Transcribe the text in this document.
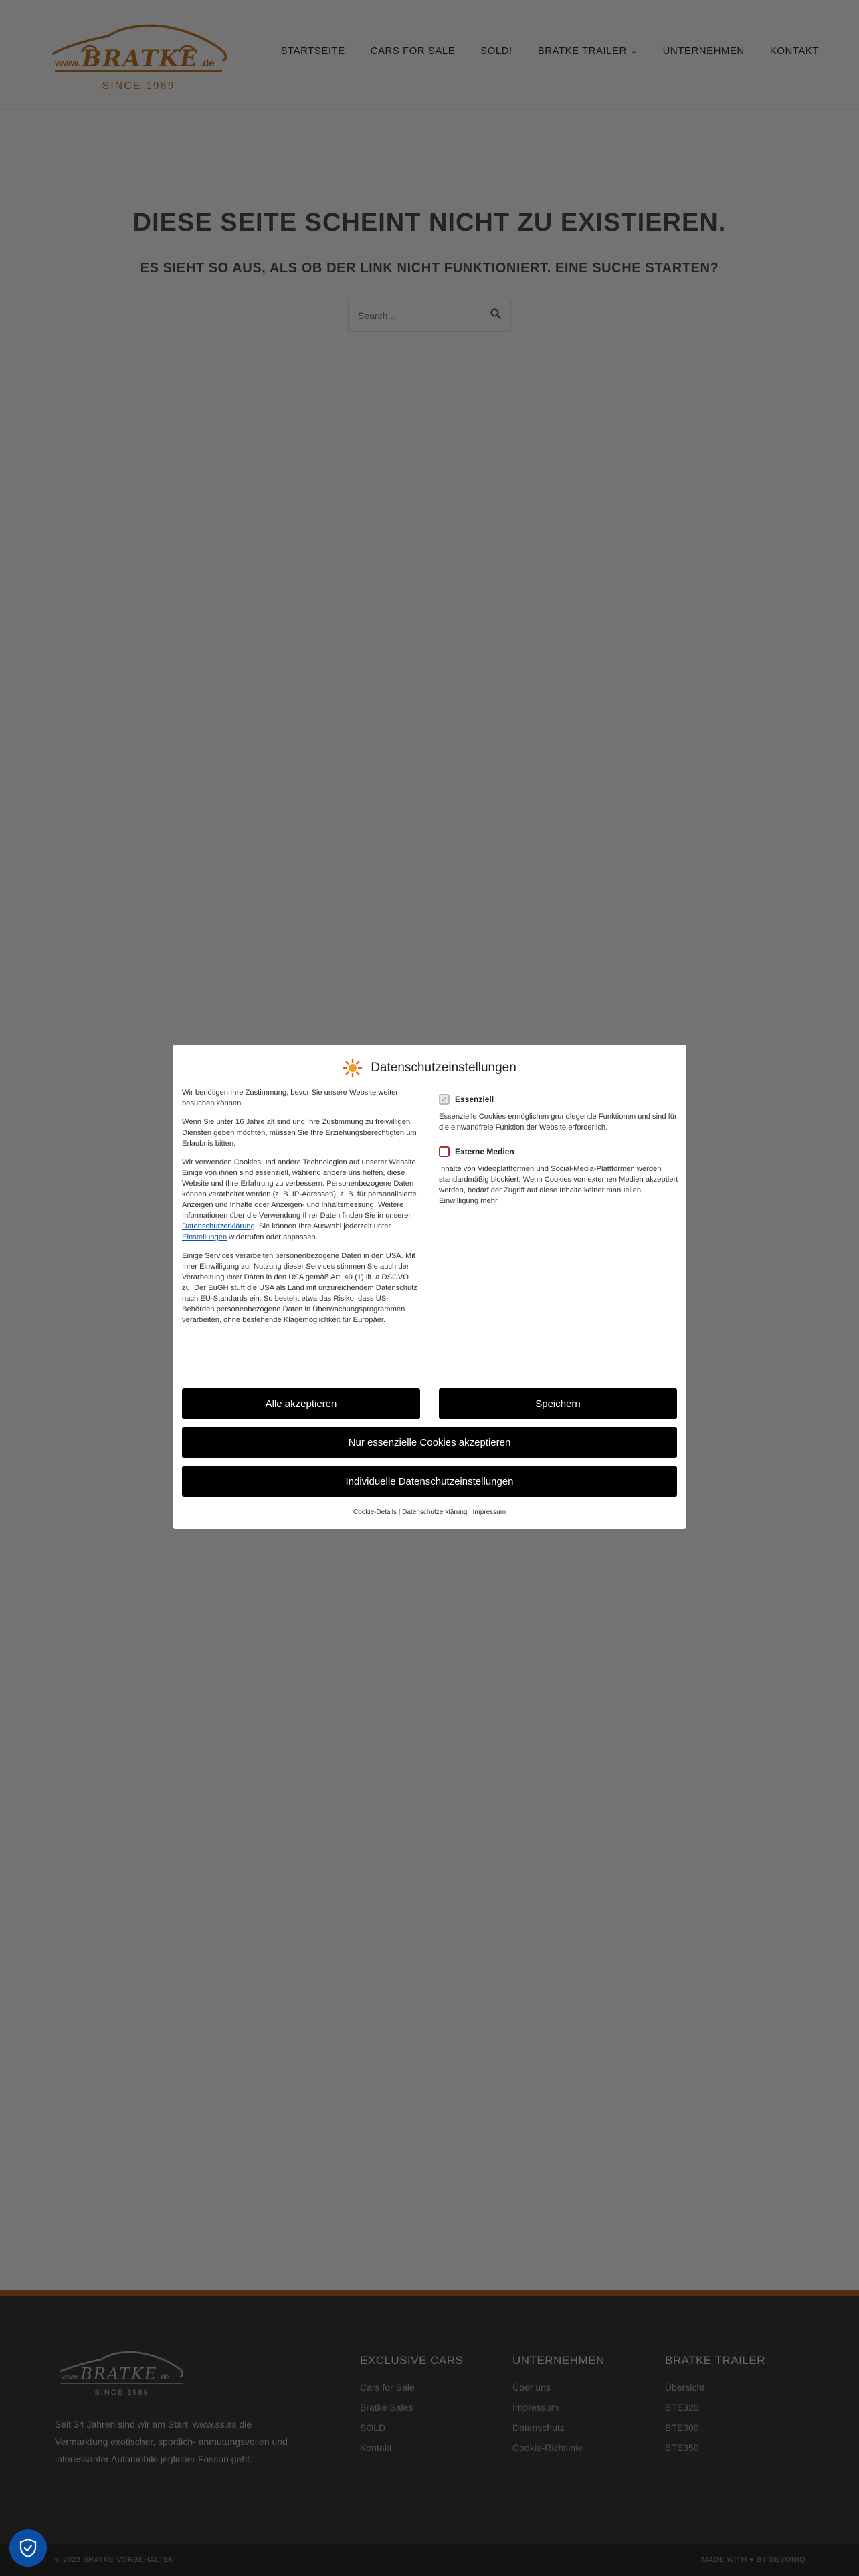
Search...

Datenschutzeinstellungen

Wir benötigen Ihre Zustimmung, bevor Sie unsere Website weiter besuchen können.

Wenn Sie unter 16 Jahre alt sind und Ihre Zustimmung zu freiwilligen Diensten geben möchten, müssen Sie Ihre Erziehungsberechtigten um Erlaubnis bitten.

Wir verwenden Cookies und andere Technologien auf unserer Website. Einige von ihnen sind essenziell, während andere uns helfen, diese Website und Ihre Erfahrung zu verbessern. Personenbezogene Daten können verarbeitet werden (z. B. IP-Adressen), z. B. für personalisierte Anzeigen und Inhalte oder Anzeigen- und Inhaltsmessung. Weitere Informationen über die Verwendung Ihrer Daten finden Sie in unserer Datenschutzerklärung. Sie können Ihre Auswahl jederzeit unter Einstellungen widerrufen oder anpassen.

Einige Services verarbeiten personenbezogene Daten in den USA. Mit Ihrer Einwilligung zur Nutzung dieser Services stimmen Sie auch der Verarbeitung Ihrer Daten in den USA gemäß Art. 49 (1) lit. a DSGVO zu. Der EuGH stuft die USA als Land mit unzureichendem Datenschutz nach EU-Standards ein. So besteht etwa das Risiko, dass US-Behörden personenbezogene Daten in Überwachungsprogrammen verarbeiten, ohne bestehende Klagemöglichkeit für Europäer.

✓ Essenziell

Essenzielle Cookies ermöglichen grundlegende Funktionen und sind für die einwandfreie Funktion der Website erforderlich.

Externe Medien

Inhalte von Videoplattformen und Social-Media-Plattformen werden standardmäßig blockiert. Wenn Cookies von externen Medien akzeptiert werden, bedarf der Zugriff auf diese Inhalte keiner manuellen Einwilligung mehr.

Alle akzeptieren	Speichern
Nur essenzielle Cookies akzeptieren
Individuelle Datenschutzeinstellungen
Cookie-Details | Datenschutzerklärung | Impressum
